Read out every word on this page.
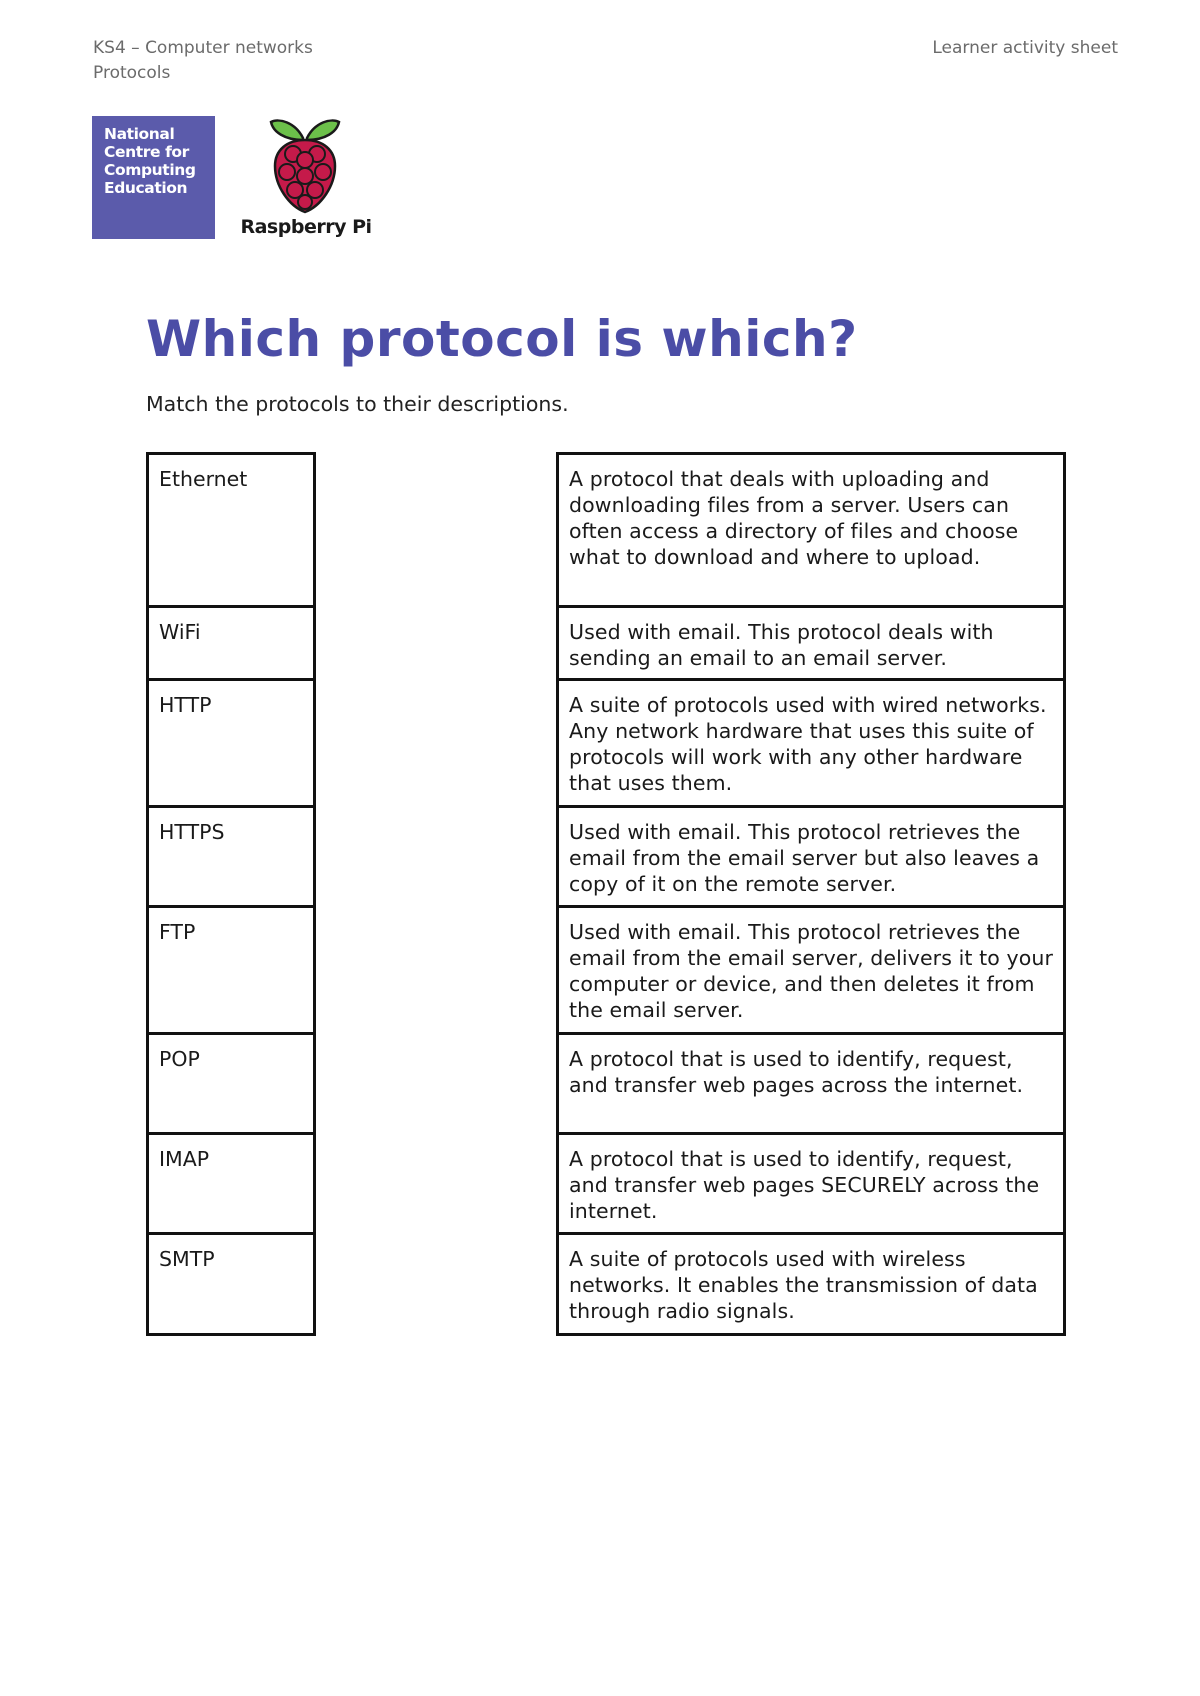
KS4 – Computer networks
Protocols
Learner activity sheet
National
Centre for
Computing
Education
Raspberry Pi
Which protocol is which?
Match the protocols to their descriptions.
Ethernet
WiFi
HTTP
HTTPS
FTP
POP
IMAP
SMTP
A protocol that deals with uploading and downloading files from a server. Users can often access a directory of files and choose what to download and where to upload.
Used with email. This protocol deals with sending an email to an email server.
A suite of protocols used with wired networks. Any network hardware that uses this suite of protocols will work with any other hardware that uses them.
Used with email. This protocol retrieves the email from the email server but also leaves a copy of it on the remote server.
Used with email. This protocol retrieves the email from the email server, delivers it to your computer or device, and then deletes it from the email server.
A protocol that is used to identify, request, and transfer web pages across the internet.
A protocol that is used to identify, request, and transfer web pages SECURELY across the internet.
A suite of protocols used with wireless networks. It enables the transmission of data through radio signals.
